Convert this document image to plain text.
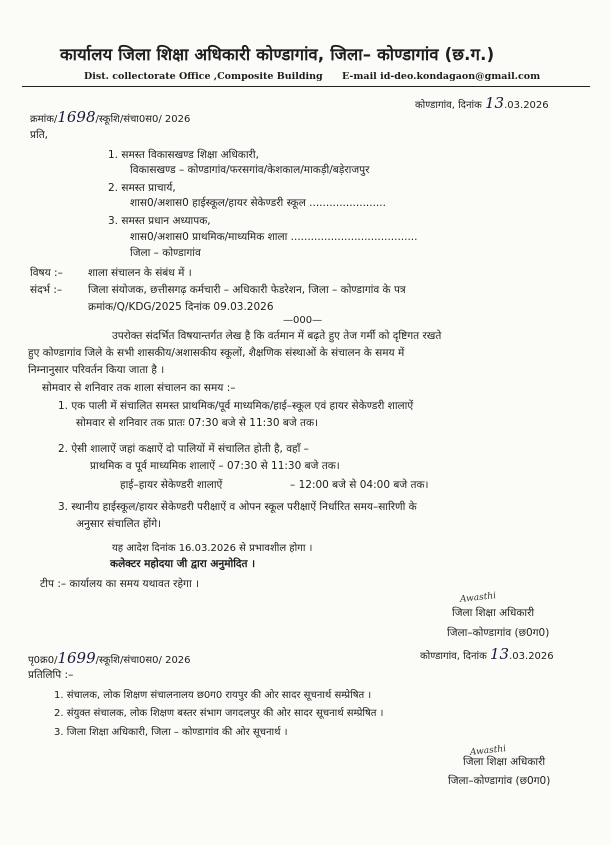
कार्यालय जिला शिक्षा अधिकारी कोण्डागांव, जिला– कोण्डागांव (छ.ग.)
Dist. collectorate Office ,Composite Building E-mail id-deo.kondagaon@gmail.com
क्रमांक/1698/स्कूशि/संचा0स0/ 2026
कोण्डागांव, दिनांक 13.03.2026
प्रति,
1. समस्त विकासखण्ड शिक्षा अधिकारी,
विकासखण्ड – कोण्डागांव/फरसगांव/केशकाल/माकड़ी/बड़ेराजपुर
2. समस्त प्राचार्य,
शास0/अशास0 हाईस्कूल/हायर सेकेण्डरी स्कूल .......................
3. समस्त प्रधान अध्यापक,
शास0/अशास0 प्राथमिक/माध्यमिक शाला ......................................
जिला – कोण्डागांव
विषय :– शाला संचालन के संबंध में ।
संदर्भ :– जिला संयोजक, छत्तीसगढ़ कर्मचारी – अधिकारी फेडरेशन, जिला – कोण्डागांव के पत्र
क्रमांक/Q/KDG/2025 दिनांक 09.03.2026
—000—
उपरोक्त संदर्भित विषयान्तर्गत लेख है कि वर्तमान में बढ़ते हुए तेज गर्मी को दृष्टिगत रखते
हुए कोण्डागांव जिले के सभी शासकीय/अशासकीय स्कूलों, शैक्षणिक संस्थाओं के संचालन के समय में
निम्नानुसार परिवर्तन किया जाता है ।
सोमवार से शनिवार तक शाला संचालन का समय :–
1. एक पाली में संचालित समस्त प्राथमिक/पूर्व माध्यमिक/हाई–स्कूल एवं हायर सेकेण्डरी शालाऐं
सोमवार से शनिवार तक प्रातः 07:30 बजे से 11:30 बजे तक।
2. ऐसी शालाऐं जहां कक्षाऐं दो पालियों में संचालित होती है, वहाँ –
प्राथमिक व पूर्व माध्यमिक शालाऐं – 07:30 से 11:30 बजे तक।
हाई–हायर सेकेण्डरी शालाऐं	– 12:00 बजे से 04:00 बजे तक।
3. स्थानीय हाईस्कूल/हायर सेकेण्डरी परीक्षाऐं व ओपन स्कूल परीक्षाऐं निर्धारित समय–सारिणी के
अनुसार संचालित होंगे।
यह आदेश दिनांक 16.03.2026 से प्रभावशील होगा ।
कलेक्टर महोदया जी द्वारा अनुमोदित ।
टीप :– कार्यालय का समय यथावत रहेगा ।
Awasthi
जिला शिक्षा अधिकारी
जिला–कोण्डागांव (छ0ग0)
कोण्डागांव, दिनांक 13.03.2026
पृ0क्र0/1699/स्कूशि/संचा0स0/ 2026
प्रतिलिपि :–
1. संचालक, लोक शिक्षण संचालनालय छ0ग0 रायपुर की ओर सादर सूचनार्थ सम्प्रेषित ।
2. संयुक्त संचालक, लोक शिक्षण बस्तर संभाग जगदलपुर की ओर सादर सूचनार्थ सम्प्रेषित ।
3. जिला शिक्षा अधिकारी, जिला – कोण्डागांव की ओर सूचनार्थ ।
Awasthi
जिला शिक्षा अधिकारी
जिला–कोण्डागांव (छ0ग0)
